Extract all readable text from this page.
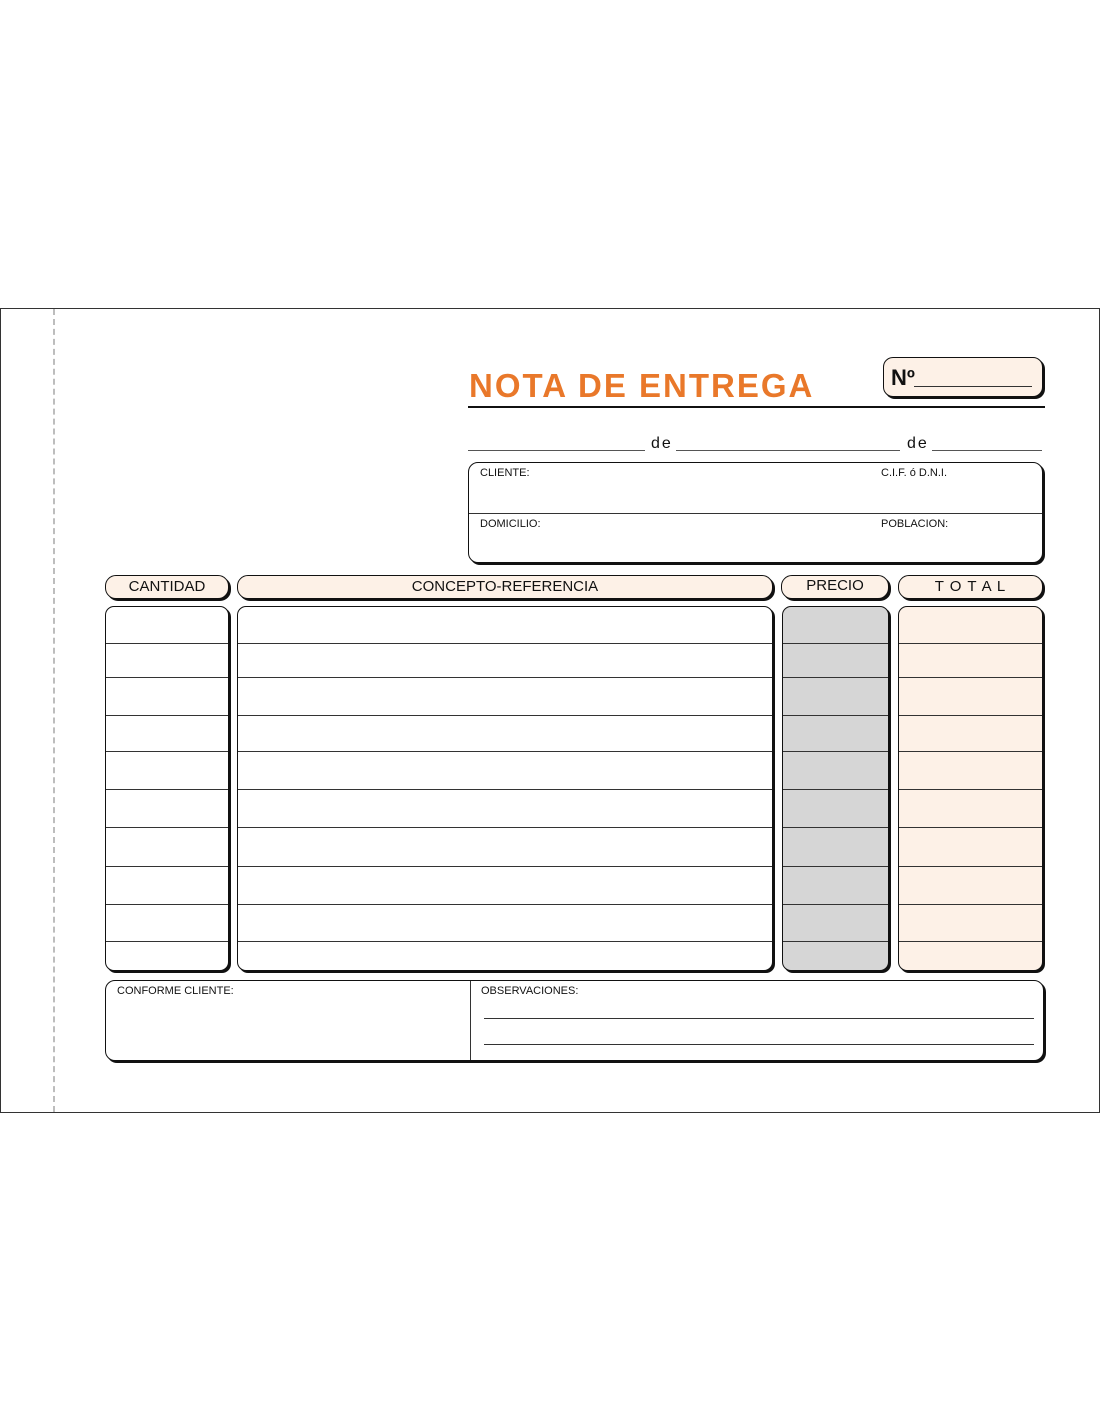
NOTA DE ENTREGA	Nº
de	de
CLIENTE:	C.I.F. ó D.N.I.
DOMICILIO:	POBLACION:
CANTIDAD	CONCEPTO-REFERENCIA	PRECIO	T O T A L
CONFORME CLIENTE:	OBSERVACIONES:
